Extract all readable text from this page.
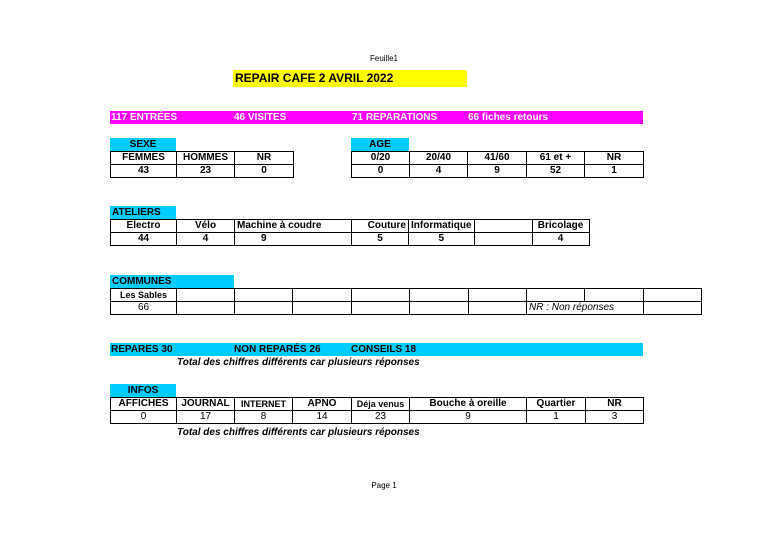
Feuille1
REPAIR CAFE 2 AVRIL 2022
117 ENTRÉES	46 VISITES	71 REPARATIONS	66 fiches retours
SEXE
FEMMES	HOMMES	NR
43	23	0
AGE
0/20	20/40	41/60	61 et +	NR
0	4	9	52	1
ATELIERS
Electro	Vélo	Machine à coudre	Couture	Informatique		Bricolage
44	4	9	5	5		4
COMMUNES
Les Sables									
66							NR : Non réponses		
REPARES 30	NON REPARÉS 26	CONSEILS 18
Total des chiffres différents car plusieurs réponses
INFOS
AFFICHES	JOURNAL	INTERNET	APNO	Déja venus	Bouche à oreille	Quartier	NR
0	17	8	14	23	9	1	3
Total des chiffres différents car plusieurs réponses
Page 1
